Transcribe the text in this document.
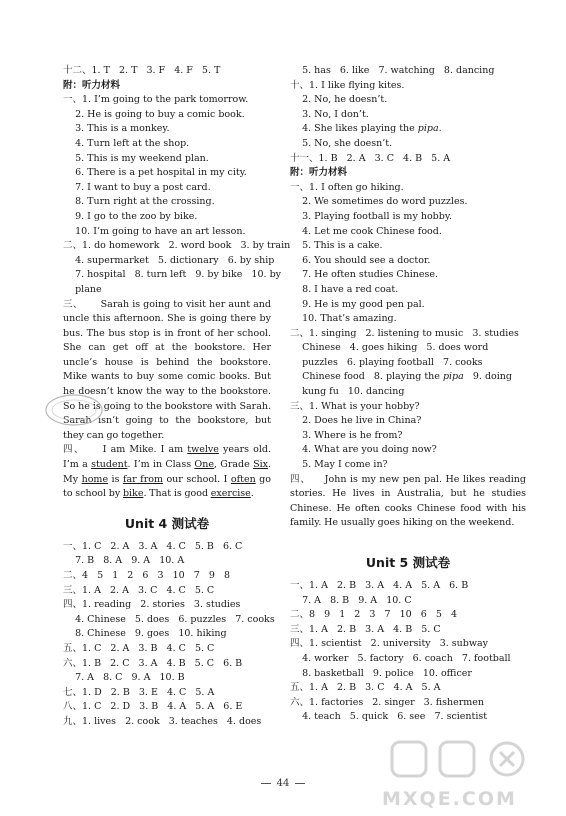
十二、1. T   2. T   3. F   4. F   5. T
附：听力材料
一、1. I’m going to the park tomorrow.
2. He is going to buy a comic book.
3. This is a monkey.
4. Turn left at the shop.
5. This is my weekend plan.
6. There is a pet hospital in my city.
7. I want to buy a post card.
8. Turn right at the crossing.
9. I go to the zoo by bike.
10. I’m going to have an art lesson.
二、1. do homework   2. word book   3. by train
4. supermarket   5. dictionary   6. by ship
7. hospital   8. turn left   9. by bike   10. by
plane
三、 Sarah is going to visit her aunt and uncle this afternoon. She is going there by bus. The bus stop is in front of her school. She can get off at the bookstore. Her uncle’s house is behind the bookstore. Mike wants to buy some comic books. But he doesn’t know the way to the bookstore. So he is going to the bookstore with Sarah. Sarah isn’t going to the bookstore, but they can go together.
四、 I am Mike. I am twelve years old. I’m a student. I’m in Class One, Grade Six. My home is far from our school. I often go to school by bike. That is good exercise.
Unit 4 测试卷
一、1. C   2. A   3. A   4. C   5. B   6. C
7. B   8. A   9. A   10. A
二、4   5   1   2   6   3   10   7   9   8
三、1. A   2. A   3. C   4. C   5. C
四、1. reading   2. stories   3. studies
4. Chinese   5. does   6. puzzles   7. cooks
8. Chinese   9. goes   10. hiking
五、1. C   2. A   3. B   4. C   5. C
六、1. B   2. C   3. A   4. B   5. C   6. B
7. A   8. C   9. A   10. B
七、1. D   2. B   3. E   4. C   5. A
八、1. C   2. D   3. B   4. A   5. A   6. E
九、1. lives   2. cook   3. teaches   4. does
5. has   6. like   7. watching   8. dancing
十、1. I like flying kites.
2. No, he doesn’t.
3. No, I don’t.
4. She likes playing the pipa.
5. No, she doesn’t.
十一、1. B   2. A   3. C   4. B   5. A
附：听力材料
一、1. I often go hiking.
2. We sometimes do word puzzles.
3. Playing football is my hobby.
4. Let me cook Chinese food.
5. This is a cake.
6. You should see a doctor.
7. He often studies Chinese.
8. I have a red coat.
9. He is my good pen pal.
10. That’s amazing.
二、1. singing   2. listening to music   3. studies
Chinese   4. goes hiking   5. does word
puzzles   6. playing football   7. cooks
Chinese food   8. playing the pipa   9. doing
kung fu   10. dancing
三、1. What is your hobby?
2. Does he live in China?
3. Where is he from?
4. What are you doing now?
5. May I come in?
四、 John is my new pen pal. He likes reading stories. He lives in Australia, but he studies Chinese. He often cooks Chinese food with his family. He usually goes hiking on the weekend.
Unit 5 测试卷
一、1. A   2. B   3. A   4. A   5. A   6. B
7. A   8. B   9. A   10. C
二、8   9   1   2   3   7   10   6   5   4
三、1. A   2. B   3. A   4. B   5. C
四、1. scientist   2. university   3. subway
4. worker   5. factory   6. coach   7. football
8. basketball   9. police   10. officer
五、1. A   2. B   3. C   4. A   5. A
六、1. factories   2. singer   3. fishermen
4. teach   5. quick   6. see   7. scientist
44
MXQE.COM
